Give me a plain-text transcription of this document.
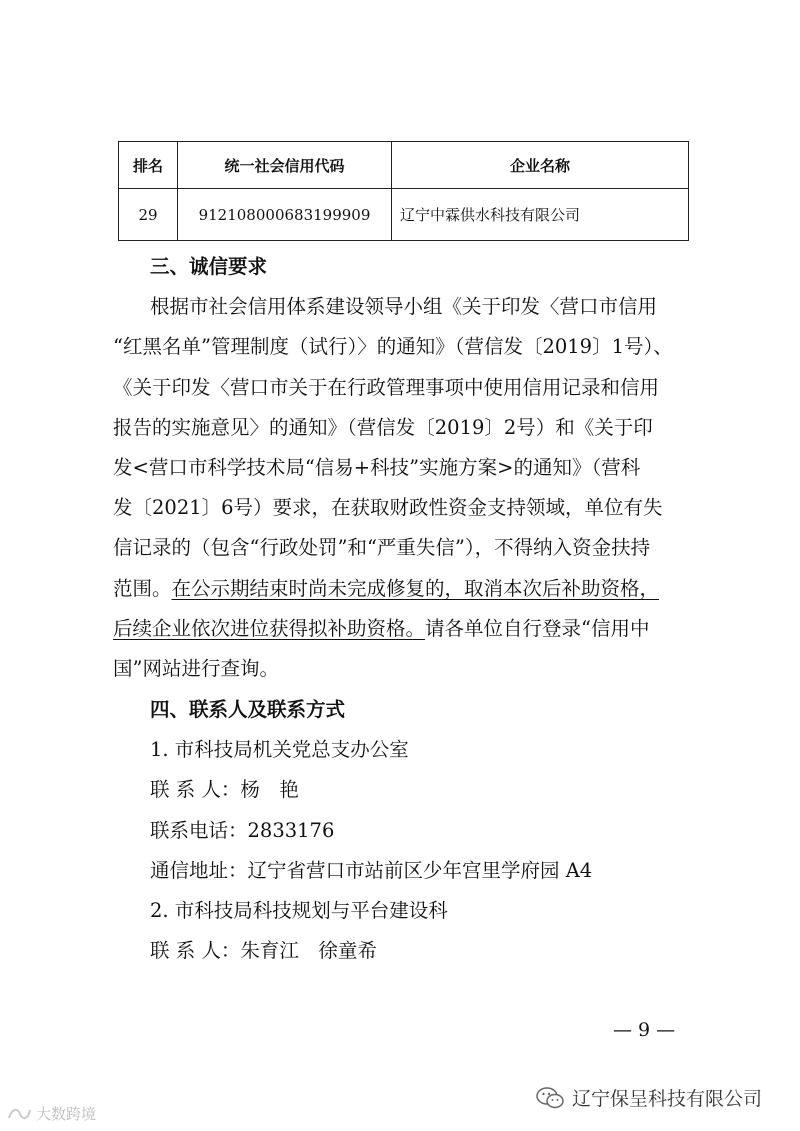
排名	统一社会信用代码	企业名称
29	912108000683199909	辽宁中霖供水科技有限公司
三、诚信要求
根据市社会信用体系建设领导小组《关于印发〈营口市信用
“红黑名单”管理制度（试行）〉的通知》（营信发〔2019〕1号）、
《关于印发〈营口市关于在行政管理事项中使用信用记录和信用
报告的实施意见〉的通知》（营信发〔2019〕2号）和《关于印
发<营口市科学技术局“信易+科技”实施方案>的通知》（营科
发〔2021〕6号）要求，在获取财政性资金支持领域，单位有失
信记录的（包含“行政处罚”和“严重失信”），不得纳入资金扶持
范围。在公示期结束时尚未完成修复的，取消本次后补助资格，
后续企业依次进位获得拟补助资格。请各单位自行登录“信用中
国”网站进行查询。
四、联系人及联系方式
1. 市科技局机关党总支办公室
联 系 人：杨　艳
联系电话：2833176
通信地址：辽宁省营口市站前区少年宫里学府园 A4
2. 市科技局科技规划与平台建设科
联 系 人：朱育江　徐童希
— 9 —
辽宁保呈科技有限公司
大数跨境
